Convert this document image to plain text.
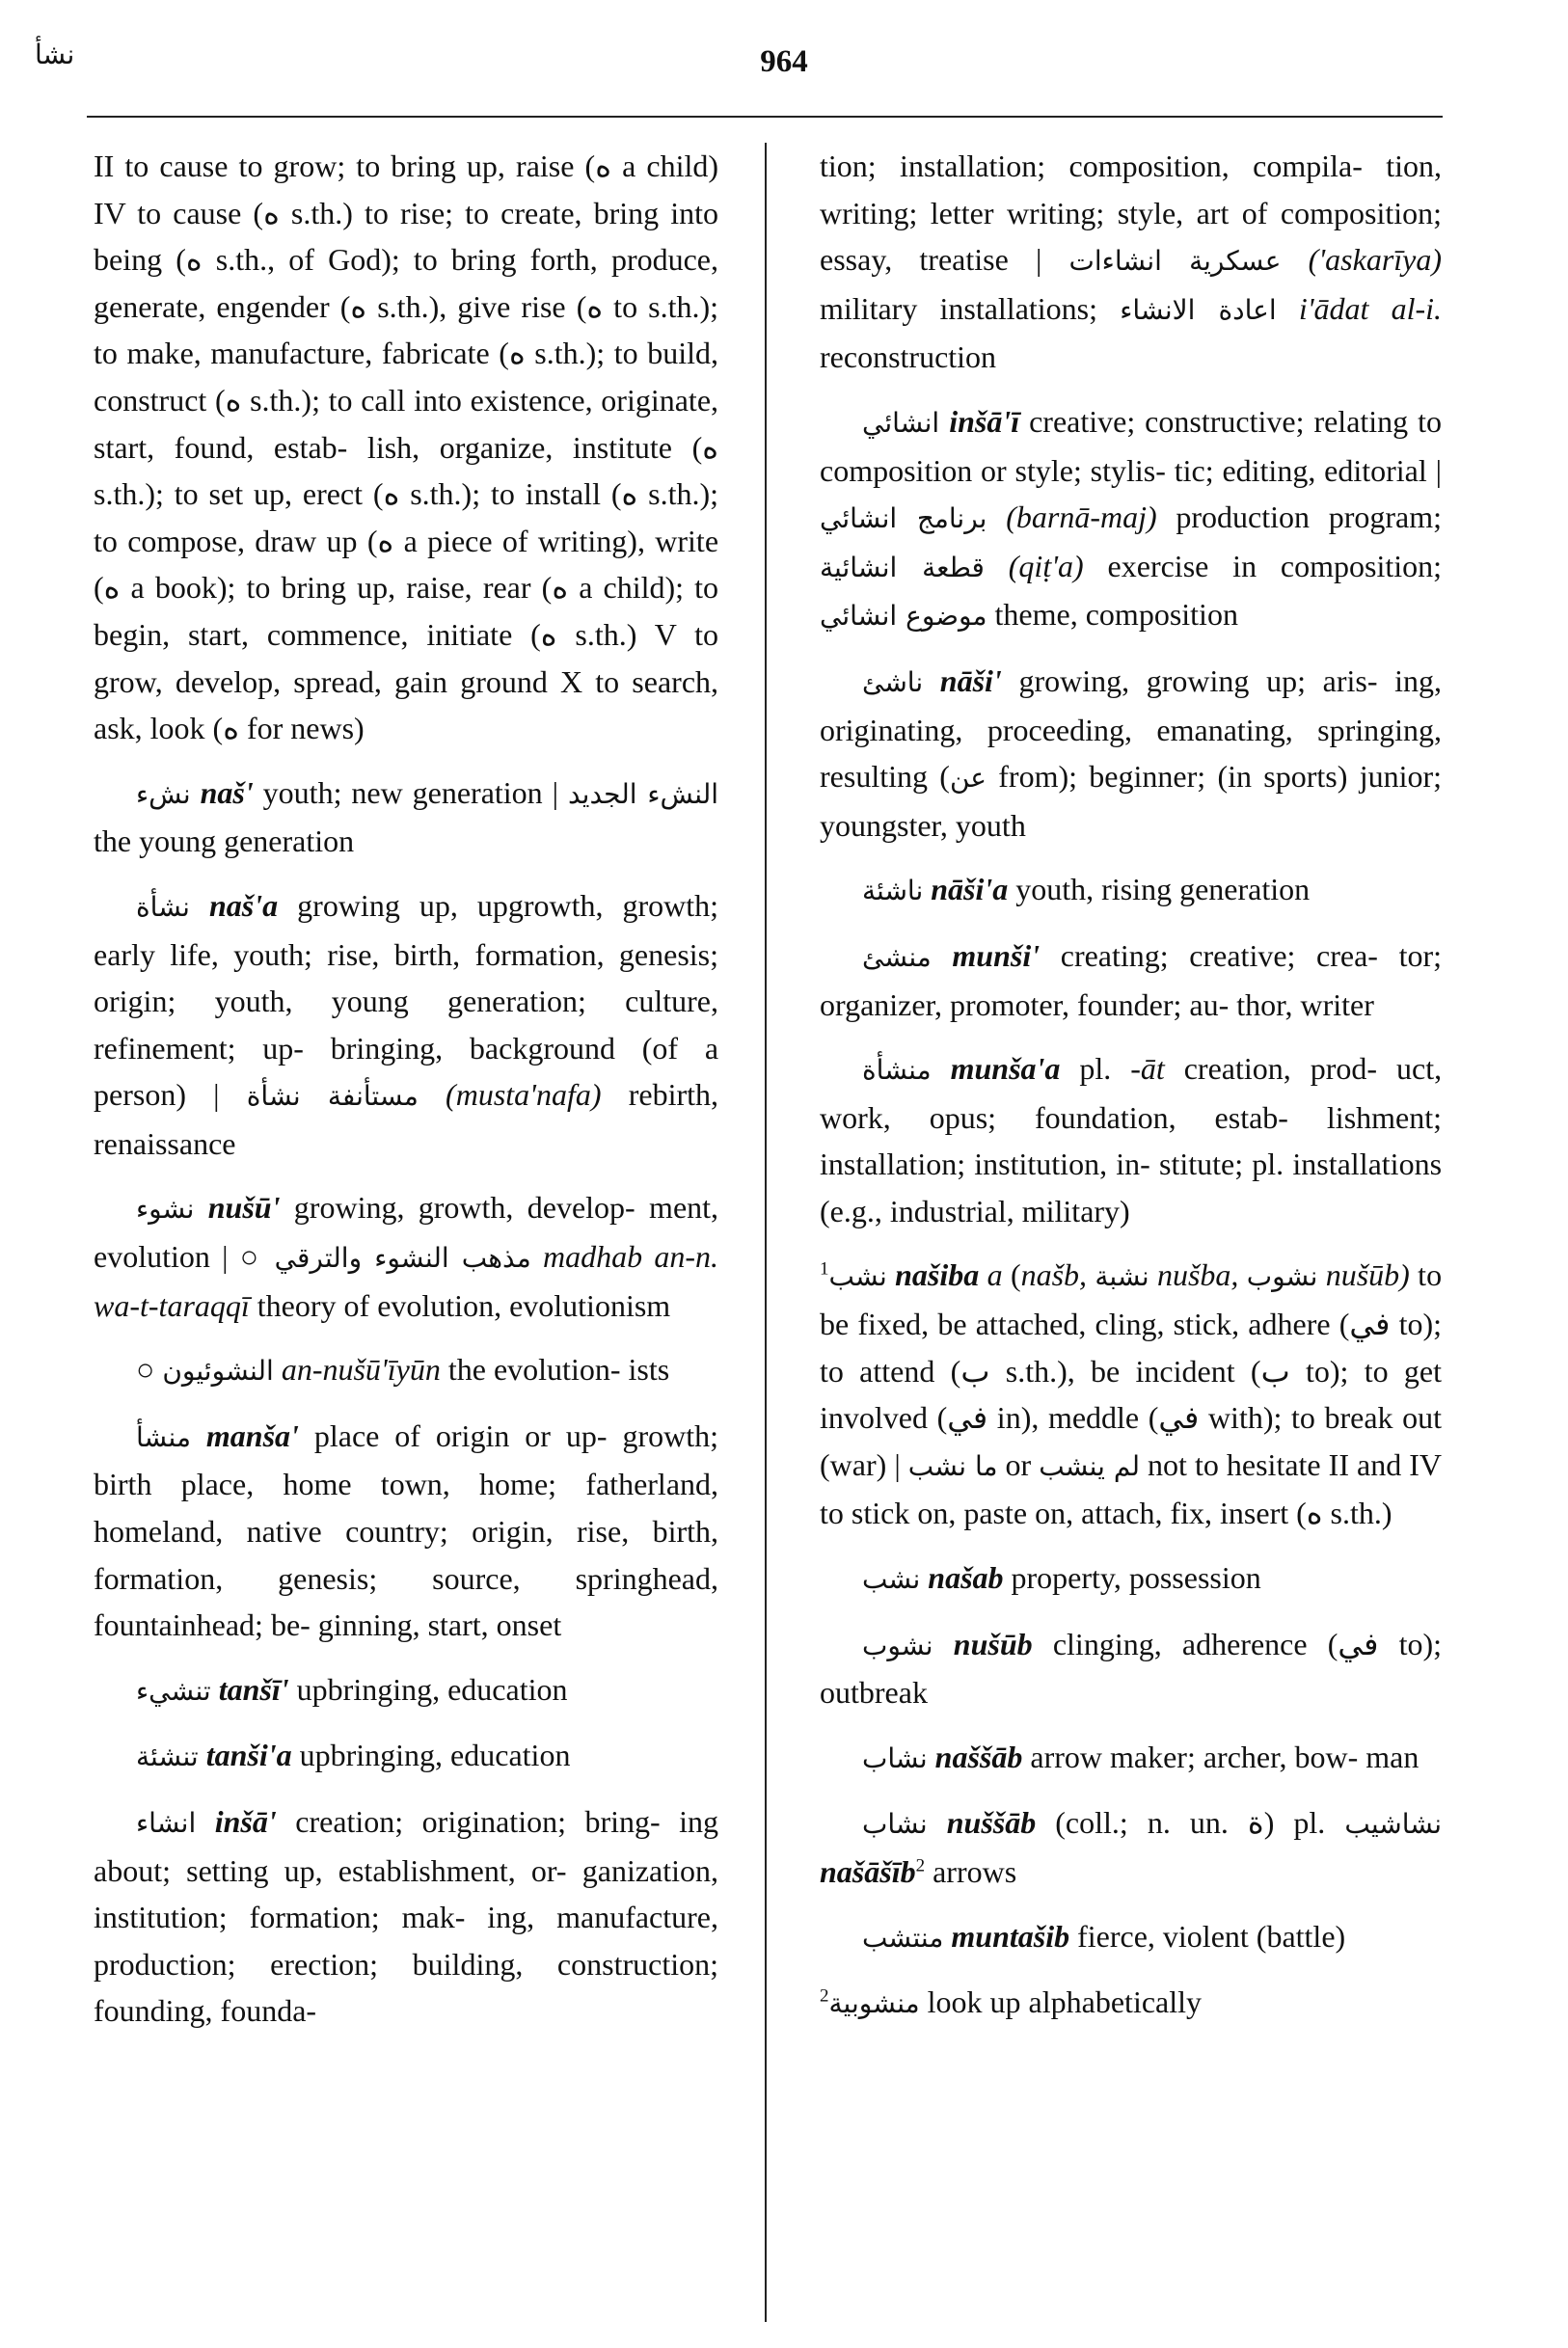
نشأ	964
II to cause to grow; to bring up, raise (ه a child) IV to cause (ه s.th.) to rise; to create, bring into being (ه s.th., of God); to bring forth, produce, generate, engender (ه s.th.), give rise (ه to s.th.); to make, manufacture, fabricate (ه s.th.); to build, construct (ه s.th.); to call into existence, originate, start, found, estab- lish, organize, institute (ه s.th.); to set up, erect (ه s.th.); to install (ه s.th.); to compose, draw up (ه a piece of writing), write (ه a book); to bring up, raise, rear (ه a child); to begin, start, commence, initiate (ه s.th.) V to grow, develop, spread, gain ground X to search, ask, look (ه for news)
نشء naš' youth; new generation | النشء الجديد the young generation
نشأة naš'a growing up, upgrowth, growth; early life, youth; rise, birth, formation, genesis; origin; youth, young generation; culture, refinement; up- bringing, background (of a person) | نشأة مستأنفة (musta'nafa) rebirth, renaissance
نشوء nušū' growing, growth, develop- ment, evolution | ○ مذهب النشوء والترقي madhab an-n. wa-t-taraqqī theory of evolution, evolutionism
○ النشوئيون an-nušū'īyūn the evolution- ists
منشأ manša' place of origin or up- growth; birth place, home town, home; fatherland, homeland, native country; origin, rise, birth, formation, genesis; source, springhead, fountainhead; be- ginning, start, onset
تنشيء tanšī' upbringing, education
تنشئة tanši'a upbringing, education
انشاء inšā' creation; origination; bring- ing about; setting up, establishment, or- ganization, institution; formation; mak- ing, manufacture, production; erection; building, construction; founding, founda-
tion; installation; composition, compila- tion, writing; letter writing; style, art of composition; essay, treatise | انشاءات عسكرية ('askarīya) military installations; اعادة الانشاء i'ādat al-i. reconstruction
انشائي inšā'ī creative; constructive; relating to composition or style; stylis- tic; editing, editorial | برنامج انشائي (barnā-maj) production program; قطعة انشائية (qiṭ'a) exercise in composition; موضوع انشائي theme, composition
ناشئ nāši' growing, growing up; aris- ing, originating, proceeding, emanating, springing, resulting (عن from); beginner; (in sports) junior; youngster, youth
ناشئة nāši'a youth, rising generation
منشئ munši' creating; creative; crea- tor; organizer, promoter, founder; au- thor, writer
منشأة munša'a pl. -āt creation, prod- uct, work, opus; foundation, estab- lishment; installation; institution, in- stitute; pl. installations (e.g., industrial, military)
$^1$نشب našiba a (našb, نشبة nušba, نشوب nušūb) to be fixed, be attached, cling, stick, adhere (في to); to attend (ب s.th.), be incident (ب to); to get involved (في in), meddle (في with); to break out (war) | ما نشب or لم ينشب not to hesitate II and IV to stick on, paste on, attach, fix, insert (ه s.th.)
نشب našab property, possession
نشوب nušūb clinging, adherence (في to); outbreak
نشاب naššāb arrow maker; archer, bow- man
نشاب nuššāb (coll.; n. un. ة) pl. نشاشيب našāšīb$^2$ arrows
منتشب muntašib fierce, violent (battle)
$^2$منشوبية look up alphabetically
